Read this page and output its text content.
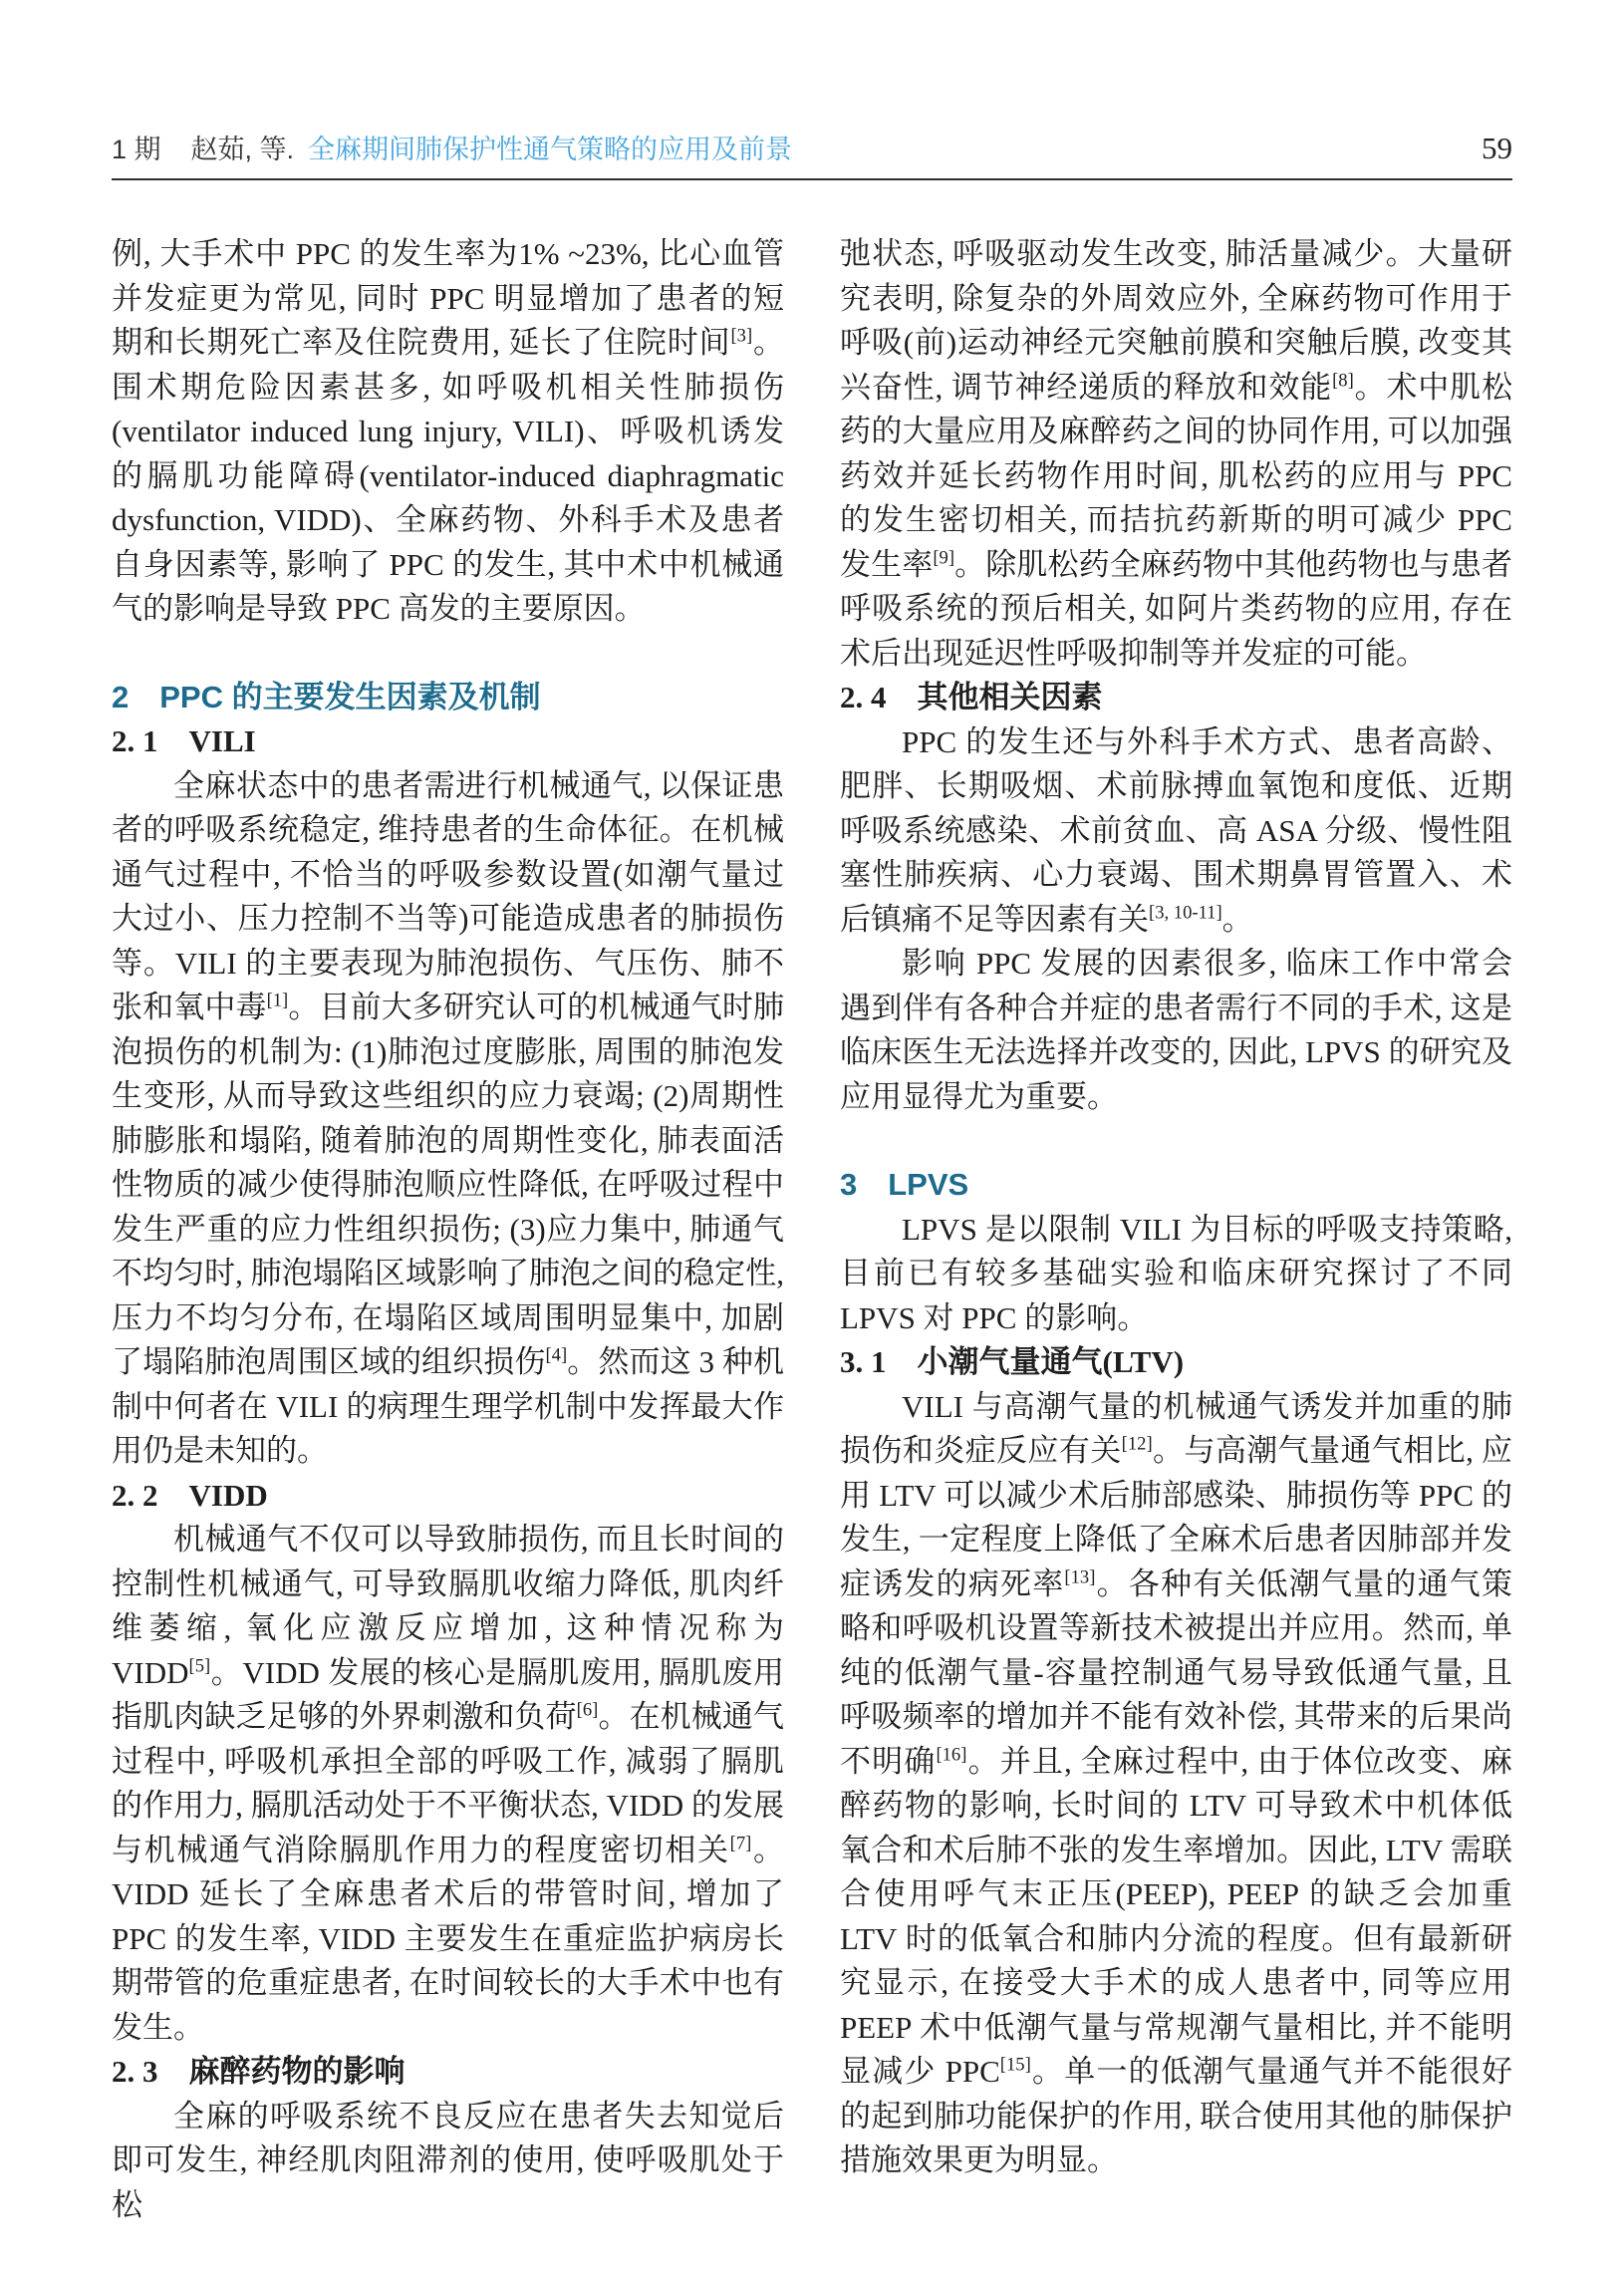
1 期 赵茹, 等. 全麻期间肺保护性通气策略的应用及前景	59

例, 大手术中 PPC 的发生率为1% ~23%, 比心血管并发症更为常见, 同时 PPC 明显增加了患者的短期和长期死亡率及住院费用, 延长了住院时间[3]。围术期危险因素甚多, 如呼吸机相关性肺损伤(ventilator induced lung injury, VILI)、呼吸机诱发的膈肌功能障碍(ventilator-induced diaphragmatic dysfunction, VIDD)、全麻药物、外科手术及患者自身因素等, 影响了 PPC 的发生, 其中术中机械通气的影响是导致 PPC 高发的主要原因。

2　PPC 的主要发生因素及机制
2. 1　VILI

全麻状态中的患者需进行机械通气, 以保证患者的呼吸系统稳定, 维持患者的生命体征。在机械通气过程中, 不恰当的呼吸参数设置(如潮气量过大过小、压力控制不当等)可能造成患者的肺损伤等。VILI 的主要表现为肺泡损伤、气压伤、肺不张和氧中毒[1]。目前大多研究认可的机械通气时肺泡损伤的机制为: (1)肺泡过度膨胀, 周围的肺泡发生变形, 从而导致这些组织的应力衰竭; (2)周期性肺膨胀和塌陷, 随着肺泡的周期性变化, 肺表面活性物质的减少使得肺泡顺应性降低, 在呼吸过程中发生严重的应力性组织损伤; (3)应力集中, 肺通气不均匀时, 肺泡塌陷区域影响了肺泡之间的稳定性, 压力不均匀分布, 在塌陷区域周围明显集中, 加剧了塌陷肺泡周围区域的组织损伤[4]。然而这 3 种机制中何者在 VILI 的病理生理学机制中发挥最大作用仍是未知的。

2. 2　VIDD

机械通气不仅可以导致肺损伤, 而且长时间的控制性机械通气, 可导致膈肌收缩力降低, 肌肉纤维萎缩, 氧化应激反应增加, 这种情况称为 VIDD[5]。VIDD 发展的核心是膈肌废用, 膈肌废用指肌肉缺乏足够的外界刺激和负荷[6]。在机械通气过程中, 呼吸机承担全部的呼吸工作, 减弱了膈肌的作用力, 膈肌活动处于不平衡状态, VIDD 的发展与机械通气消除膈肌作用力的程度密切相关[7]。VIDD 延长了全麻患者术后的带管时间, 增加了 PPC 的发生率, VIDD 主要发生在重症监护病房长期带管的危重症患者, 在时间较长的大手术中也有发生。

2. 3　麻醉药物的影响

全麻的呼吸系统不良反应在患者失去知觉后即可发生, 神经肌肉阻滞剂的使用, 使呼吸肌处于松

弛状态, 呼吸驱动发生改变, 肺活量减少。大量研究表明, 除复杂的外周效应外, 全麻药物可作用于呼吸(前)运动神经元突触前膜和突触后膜, 改变其兴奋性, 调节神经递质的释放和效能[8]。术中肌松药的大量应用及麻醉药之间的协同作用, 可以加强药效并延长药物作用时间, 肌松药的应用与 PPC 的发生密切相关, 而拮抗药新斯的明可减少 PPC 发生率[9]。除肌松药全麻药物中其他药物也与患者呼吸系统的预后相关, 如阿片类药物的应用, 存在术后出现延迟性呼吸抑制等并发症的可能。

2. 4　其他相关因素

PPC 的发生还与外科手术方式、患者高龄、肥胖、长期吸烟、术前脉搏血氧饱和度低、近期呼吸系统感染、术前贫血、高 ASA 分级、慢性阻塞性肺疾病、心力衰竭、围术期鼻胃管置入、术后镇痛不足等因素有关[3, 10-11]。

影响 PPC 发展的因素很多, 临床工作中常会遇到伴有各种合并症的患者需行不同的手术, 这是临床医生无法选择并改变的, 因此, LPVS 的研究及应用显得尤为重要。

3　LPVS

LPVS 是以限制 VILI 为目标的呼吸支持策略, 目前已有较多基础实验和临床研究探讨了不同 LPVS 对 PPC 的影响。

3. 1　小潮气量通气(LTV)

VILI 与高潮气量的机械通气诱发并加重的肺损伤和炎症反应有关[12]。与高潮气量通气相比, 应用 LTV 可以减少术后肺部感染、肺损伤等 PPC 的发生, 一定程度上降低了全麻术后患者因肺部并发症诱发的病死率[13]。各种有关低潮气量的通气策略和呼吸机设置等新技术被提出并应用。然而, 单纯的低潮气量-容量控制通气易导致低通气量, 且呼吸频率的增加并不能有效补偿, 其带来的后果尚不明确[16]。并且, 全麻过程中, 由于体位改变、麻醉药物的影响, 长时间的 LTV 可导致术中机体低氧合和术后肺不张的发生率增加。因此, LTV 需联合使用呼气末正压(PEEP), PEEP 的缺乏会加重 LTV 时的低氧合和肺内分流的程度。但有最新研究显示, 在接受大手术的成人患者中, 同等应用 PEEP 术中低潮气量与常规潮气量相比, 并不能明显减少 PPC[15]。单一的低潮气量通气并不能很好的起到肺功能保护的作用, 联合使用其他的肺保护措施效果更为明显。
